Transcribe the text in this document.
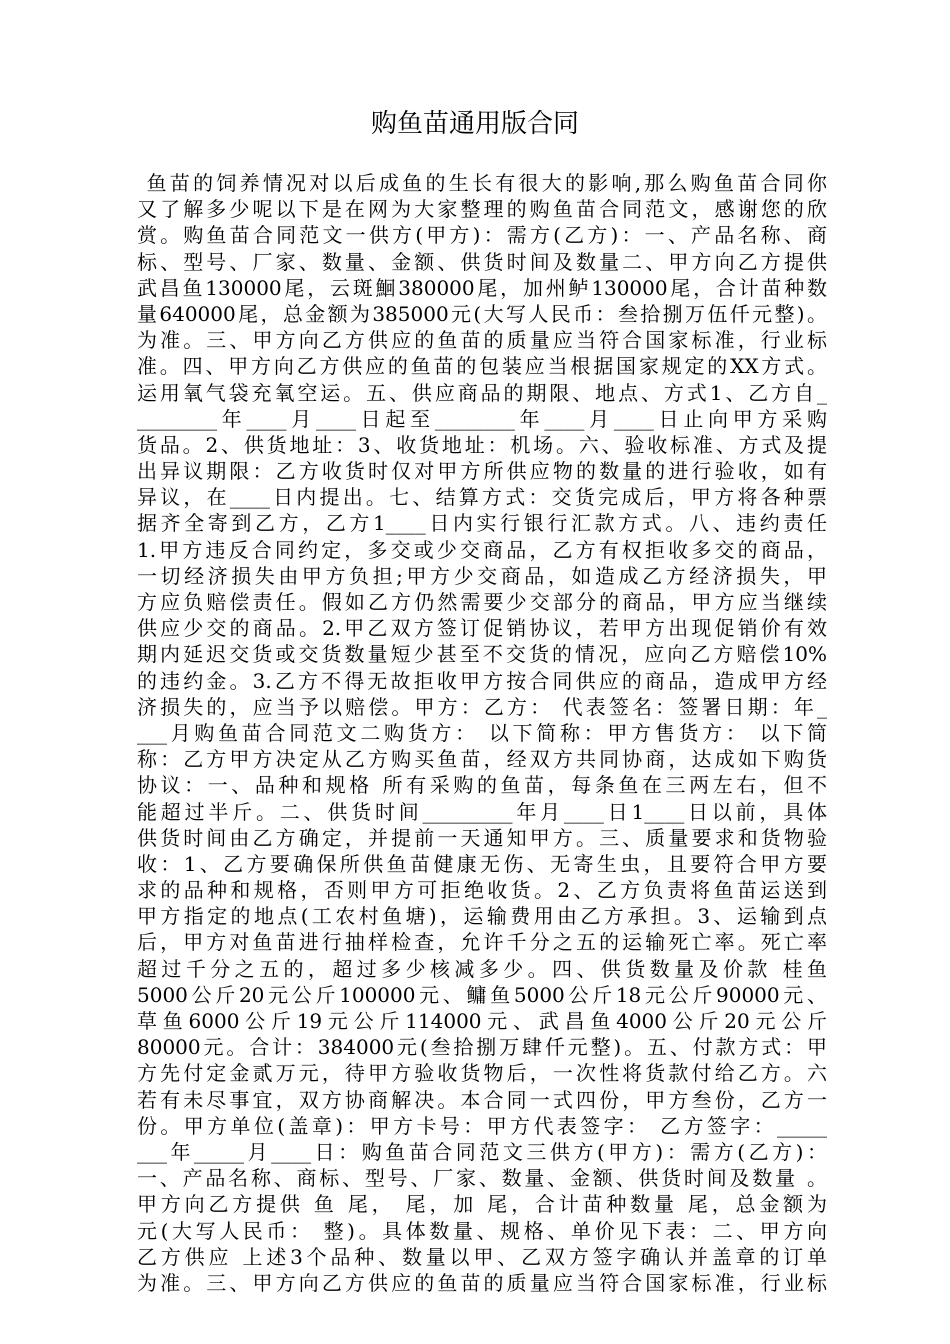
购鱼苗通用版合同
鱼苗的饲养情况对以后成鱼的生长有很大的影响,那么购鱼苗合同你
又了解多少呢以下是在网为大家整理的购鱼苗合同范文，感谢您的欣
赏。购鱼苗合同范文一供方(甲方)：需方(乙方)：一、产品名称、商
标、型号、厂家、数量、金额、供货时间及数量二、甲方向乙方提供
武昌鱼130000尾，云斑鮰380000尾，加州鲈130000尾，合计苗种数
量640000尾，总金额为385000元(大写人民币：叁拾捌万伍仟元整)。
为准。三、甲方向乙方供应的鱼苗的质量应当符合国家标准，行业标
准。四、甲方向乙方供应的鱼苗的包装应当根据国家规定的XX方式。
运用氧气袋充氧空运。五、供应商品的期限、地点、方式1、乙方自_
________年____月____日起至________年____月____日止向甲方采购
货品。2、供货地址：3、收货地址：机场。六、验收标准、方式及提
出异议期限：乙方收货时仅对甲方所供应物的数量的进行验收，如有
异议，在____日内提出。七、结算方式：交货完成后，甲方将各种票
据齐全寄到乙方，乙方1____日内实行银行汇款方式。八、违约责任
1.甲方违反合同约定，多交或少交商品，乙方有权拒收多交的商品，
一切经济损失由甲方负担;甲方少交商品，如造成乙方经济损失，甲
方应负赔偿责任。假如乙方仍然需要少交部分的商品，甲方应当继续
供应少交的商品。2.甲乙双方签订促销协议，若甲方出现促销价有效
期内延迟交货或交货数量短少甚至不交货的情况，应向乙方赔偿10%
的违约金。3.乙方不得无故拒收甲方按合同供应的商品，造成甲方经
济损失的，应当予以赔偿。甲方：乙方： 代表签名：签署日期：年_
___月购鱼苗合同范文二购货方： 以下简称：甲方售货方： 以下简
称：乙方甲方决定从乙方购买鱼苗，经双方共同协商，达成如下购货
协议：一、品种和规格 所有采购的鱼苗，每条鱼在三两左右，但不
能超过半斤。二、供货时间_________年月____日1____日以前，具体
供货时间由乙方确定，并提前一天通知甲方。三、质量要求和货物验
收：1、乙方要确保所供鱼苗健康无伤、无寄生虫，且要符合甲方要
求的品种和规格，否则甲方可拒绝收货。2、乙方负责将鱼苗运送到
甲方指定的地点(工农村鱼塘)，运输费用由乙方承担。3、运输到点
后，甲方对鱼苗进行抽样检查，允许千分之五的运输死亡率。死亡率
超过千分之五的，超过多少核减多少。四、供货数量及价款 桂鱼
5000公斤20元公斤100000元、鳙鱼5000公斤18元公斤90000元、
草鱼6000公斤19元公斤114000元、武昌鱼4000公斤20元公斤
80000元。合计：384000元(叁拾捌万肆仟元整)。五、付款方式：甲
方先付定金贰万元，待甲方验收货物后，一次性将货款付给乙方。六
若有未尽事宜，双方协商解决。本合同一式四份，甲方叁份，乙方一
份。甲方单位(盖章)：甲方卡号：甲方代表签字： 乙方签字：_____
___年_____月____日：购鱼苗合同范文三供方(甲方)：需方(乙方)：
一、产品名称、商标、型号、厂家、数量、金额、供货时间及数量 。
甲方向乙方提供 鱼 尾， 尾，加 尾，合计苗种数量 尾，总金额为
元(大写人民币： 整)。具体数量、规格、单价见下表：二、甲方向
乙方供应 上述3个品种、数量以甲、乙双方签字确认并盖章的订单
为准。三、甲方向乙方供应的鱼苗的质量应当符合国家标准，行业标
